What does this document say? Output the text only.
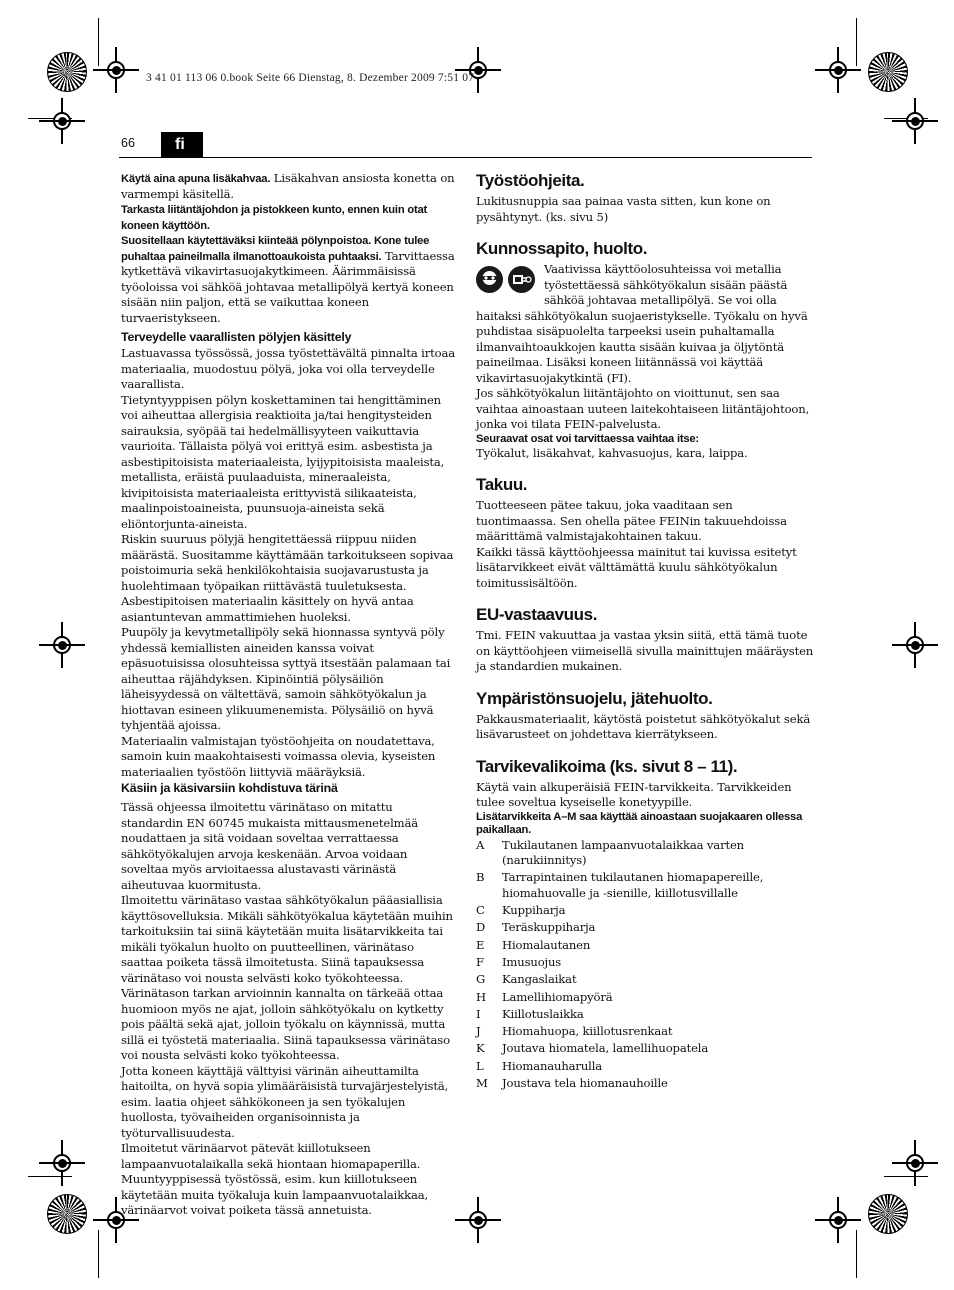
3 41 01 113 06 0.book Seite 66 Dienstag, 8. Dezember 2009 7:51 07
66	fi

Käytä aina apuna lisäkahvaa. Lisäkahvan ansiosta konetta on varmempi käsitellä.

Tarkasta liitäntäjohdon ja pistokkeen kunto, ennen kuin otat koneen käyttöön.

Suositellaan käytettäväksi kiinteää pölynpoistoa. Kone tulee puhaltaa paineilmalla ilmanottoaukoista puhtaaksi. Tarvittaessa kytkettävä vikavirtasuojakytkimeen. Äärimmäisissä työoloissa voi sähköä johtavaa metallipölyä kertyä koneen sisään niin paljon, että se vaikuttaa koneen turvaeristykseen.

Terveydelle vaarallisten pölyjen käsittely

Lastuavassa työssössä, jossa työstettävältä pinnalta irtoaa materiaalia, muodostuu pölyä, joka voi olla terveydelle vaarallista.

Tietyntyyppisen pölyn koskettaminen tai hengittäminen voi aiheuttaa allergisia reaktioita ja/tai hengitysteiden sairauksia, syöpää tai hedelmällisyyteen vaikuttavia vaurioita. Tällaista pölyä voi erittyä esim. asbestista ja asbestipitoisista materiaaleista, lyijypitoisista maaleista, metallista, eräistä puulaaduista, mineraaleista, kivipitoisista materiaaleista erittyvistä silikaateista, maalinpoistoaineista, puunsuoja-aineista sekä eliöntorjunta-aineista.

Riskin suuruus pölyjä hengitettäessä riippuu niiden määrästä. Suositamme käyttämään tarkoitukseen sopivaa poistoimuria sekä henkilökohtaisia suojavarustusta ja huolehtimaan työpaikan riittävästä tuuletuksesta.

Asbestipitoisen materiaalin käsittely on hyvä antaa asiantuntevan ammattimiehen huoleksi.

Puupöly ja kevytmetallipöly sekä hionnassa syntyvä pöly yhdessä kemiallisten aineiden kanssa voivat epäsuotuisissa olosuhteissa syttyä itsestään palamaan tai aiheuttaa räjähdyksen. Kipinöintiä pölysäiliön läheisyydessä on vältettävä, samoin sähkötyökalun ja hiottavan esineen ylikuumenemista. Pölysäiliö on hyvä tyhjentää ajoissa.

Materiaalin valmistajan työstöohjeita on noudatettava, samoin kuin maakohtaisesti voimassa olevia, kyseisten materiaalien työstöön liittyviä määräyksiä.

Käsiin ja käsivarsiin kohdistuva tärinä

Tässä ohjeessa ilmoitettu värinätaso on mitattu standardin EN 60745 mukaista mittausmenetelmää noudattaen ja sitä voidaan soveltaa verrattaessa sähkötyökalujen arvoja keskenään. Arvoa voidaan soveltaa myös arvioitaessa alustavasti värinästä aiheutuvaa kuormitusta.

Ilmoitettu värinätaso vastaa sähkötyökalun pääasiallisia käyttösovelluksia. Mikäli sähkötyökalua käytetään muihin tarkoituksiin tai siinä käytetään muita lisätarvikkeita tai mikäli työkalun huolto on puutteellinen, värinätaso saattaa poiketa tässä ilmoitetusta. Siinä tapauksessa värinätaso voi nousta selvästi koko työkohteessa.

Värinätason tarkan arvioinnin kannalta on tärkeää ottaa huomioon myös ne ajat, jolloin sähkötyökalu on kytketty pois päältä sekä ajat, jolloin työkalu on käynnissä, mutta sillä ei työstetä materiaalia. Siinä tapauksessa värinätaso voi nousta selvästi koko työkohteessa.

Jotta koneen käyttäjä välttyisi värinän aiheuttamilta haitoilta, on hyvä sopia ylimääräisistä turvajärjestelyistä, esim. laatia ohjeet sähkökoneen ja sen työkalujen huollosta, työvaiheiden organisoinnista ja työturvallisuudesta.

Ilmoitetut värinäarvot pätevät kiillotukseen lampaanvuotalaikalla sekä hiontaan hiomapaperilla. Muuntyyppisessä työstössä, esim. kun kiillotukseen käytetään muita työkaluja kuin lampaanvuotalaikkaa, värinäarvot voivat poiketa tässä annetuista.

Työstöohjeita.

Lukitusnuppia saa painaa vasta sitten, kun kone on pysähtynyt. (ks. sivu 5)

Kunnossapito, huolto.

Vaativissa käyttöolosuhteissa voi metallia työstettäessä sähkötyökalun sisään päästä sähköä johtavaa metallipölyä. Se voi olla haitaksi sähkötyökalun suojaeristykselle. Työkalu on hyvä puhdistaa sisäpuolelta tarpeeksi usein puhaltamalla ilmanvaihtoaukkojen kautta sisään kuivaa ja öljytöntä paineilmaa. Lisäksi koneen liitännässä voi käyttää vikavirtasuojakytkintä (FI).

Jos sähkötyökalun liitäntäjohto on vioittunut, sen saa vaihtaa ainoastaan uuteen laitekohtaiseen liitäntäjohtoon, jonka voi tilata FEIN-palvelusta.

Seuraavat osat voi tarvittaessa vaihtaa itse:

Työkalut, lisäkahvat, kahvasuojus, kara, laippa.

Takuu.

Tuotteeseen pätee takuu, joka vaaditaan sen tuontimaassa. Sen ohella pätee FEINin takuuehdoissa määrittämä valmistajakohtainen takuu.

Kaikki tässä käyttöohjeessa mainitut tai kuvissa esitetyt lisätarvikkeet eivät välttämättä kuulu sähkötyökalun toimitussisältöön.

EU-vastaavuus.

Tmi. FEIN vakuuttaa ja vastaa yksin siitä, että tämä tuote on käyttöohjeen viimeisellä sivulla mainittujen määräysten ja standardien mukainen.

Ympäristönsuojelu, jätehuolto.

Pakkausmateriaalit, käytöstä poistetut sähkötyökalut sekä lisävarusteet on johdettava kierrätykseen.

Tarvikevalikoima (ks. sivut 8 – 11).

Käytä vain alkuperäisiä FEIN-tarvikkeita. Tarvikkeiden tulee soveltua kyseiselle konetyypille.

Lisätarvikkeita A–M saa käyttää ainoastaan suojakaaren ollessa paikallaan.
A	Tukilautanen lampaanvuotalaikkaa varten (narukiinnitys)
B	Tarrapintainen tukilautanen hiomapapereille, hiomahuovalle ja -sienille, kiillotusvillalle
C	Kuppiharja
D	Teräskuppiharja
E	Hiomalautanen
F	Imusuojus
G	Kangaslaikat
H	Lamellihiomapyörä
I	Kiillotuslaikka
J	Hiomahuopa, kiillotusrenkaat
K	Joutava hiomatela, lamellihuopatela
L	Hiomanauharulla
M	Joustava tela hiomanauhoille
